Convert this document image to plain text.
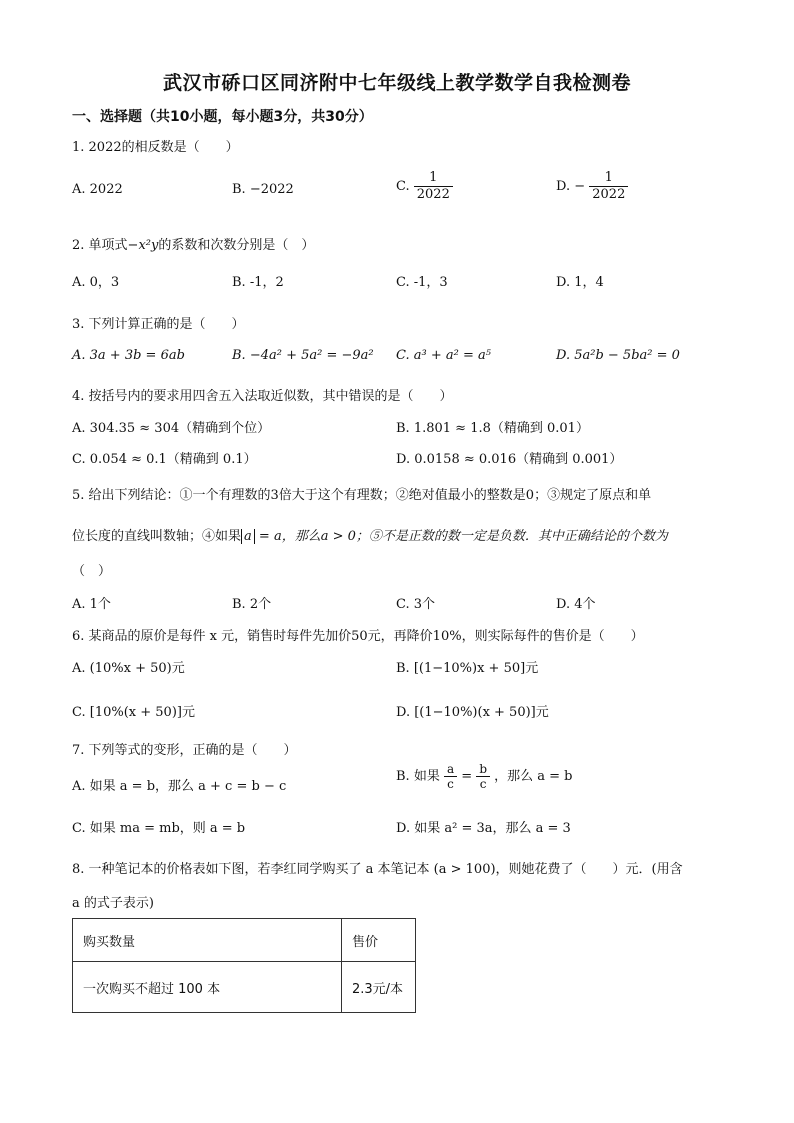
武汉市硚口区同济附中七年级线上教学数学自我检测卷
一、选择题（共10小题，每小题3分，共30分）
1. 2022的相反数是（　　）
A. 2022	B. −2022	C. $\frac{1}{2022}$	D. − $\frac{1}{2022}$
2. 单项式−x²y的系数和次数分别是（　）
A. 0，3	B. -1，2	C. -1，3	D. 1，4
3. 下列计算正确的是（　　）
A. 3a + 3b = 6ab	B. −4a² + 5a² = −9a² C. a³ + a² = a⁵	D. 5a²b − 5ba² = 0
4. 按括号内的要求用四舍五入法取近似数，其中错误的是（　　）
A. 304.35 ≈ 304（精确到个位）	B. 1.801 ≈ 1.8（精确到 0.01）
C. 0.054 ≈ 0.1（精确到 0.1）	D. 0.0158 ≈ 0.016（精确到 0.001）
5. 给出下列结论：①一个有理数的3倍大于这个有理数；②绝对值最小的整数是0；③规定了原点和单
位长度的直线叫数轴；④如果 a = a，那么a > 0；⑤不是正数的数一定是负数．其中正确结论的个数为
（　）
A. 1个	B. 2个	C. 3个	D. 4个
6. 某商品的原价是每件 x 元，销售时每件先加价50元，再降价10%，则实际每件的售价是（　　）
A. (10%x + 50)元	B. [(1−10%)x + 50]元
C. [10%(x + 50)]元	D. [(1−10%)(x + 50)]元
7. 下列等式的变形，正确的是（　　）
A. 如果 a = b，那么 a + c = b − c
B. 如果 $\frac{a}{c} = \frac{b}{c}$ ，那么 a = b
C. 如果 ma = mb，则 a = b	D. 如果 a² = 3a，那么 a = 3
8. 一种笔记本的价格表如下图，若李红同学购买了 a 本笔记本 (a > 100)，则她花费了（　　）元．(用含
a 的式子表示)
购买数量	售价
一次购买不超过 100 本	2.3元/本
